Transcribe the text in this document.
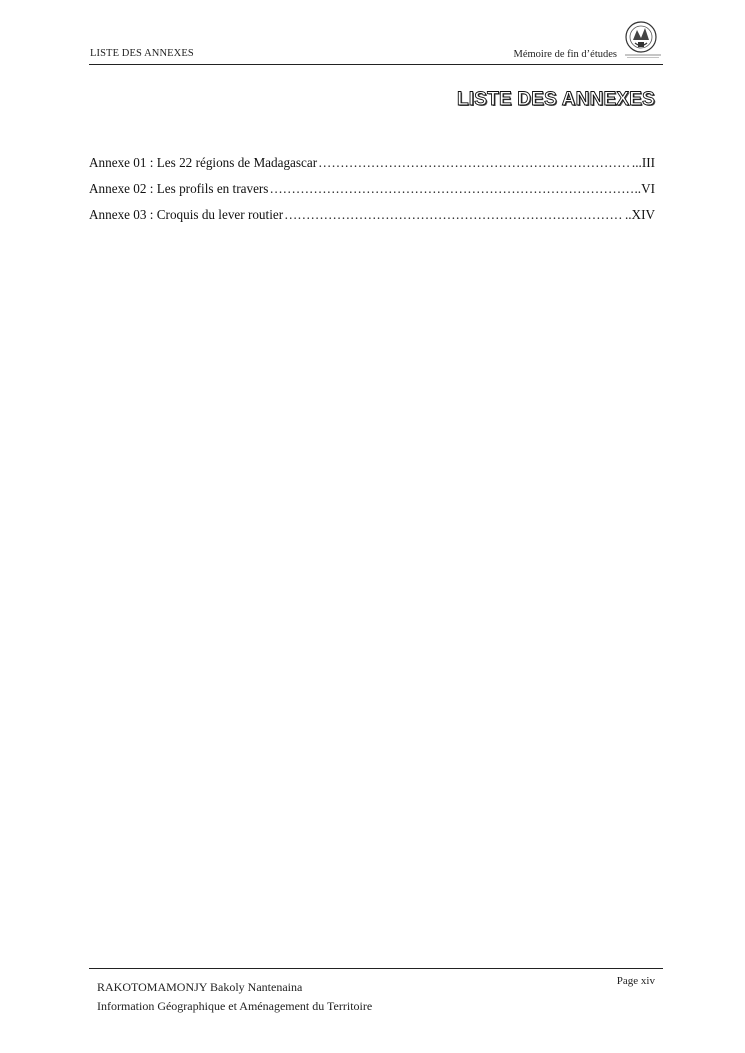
LISTE DES ANNEXES	Mémoire de fin d’études
LISTE DES ANNEXES
Annexe 01 : Les 22 régions de Madagascar ……………………………………………………………………………………………………………………………………………………………………	...III
Annexe 02 : Les profils en travers ……………………………………………………………………………………………………………………………………………………………………	..VI
Annexe 03 : Croquis du lever routier ……………………………………………………………………………………………………………………………………………………………………	..XIV
RAKOTOMAMONJY Bakoly Nantenaina
Information Géographique et Aménagement du Territoire
Page xiv
